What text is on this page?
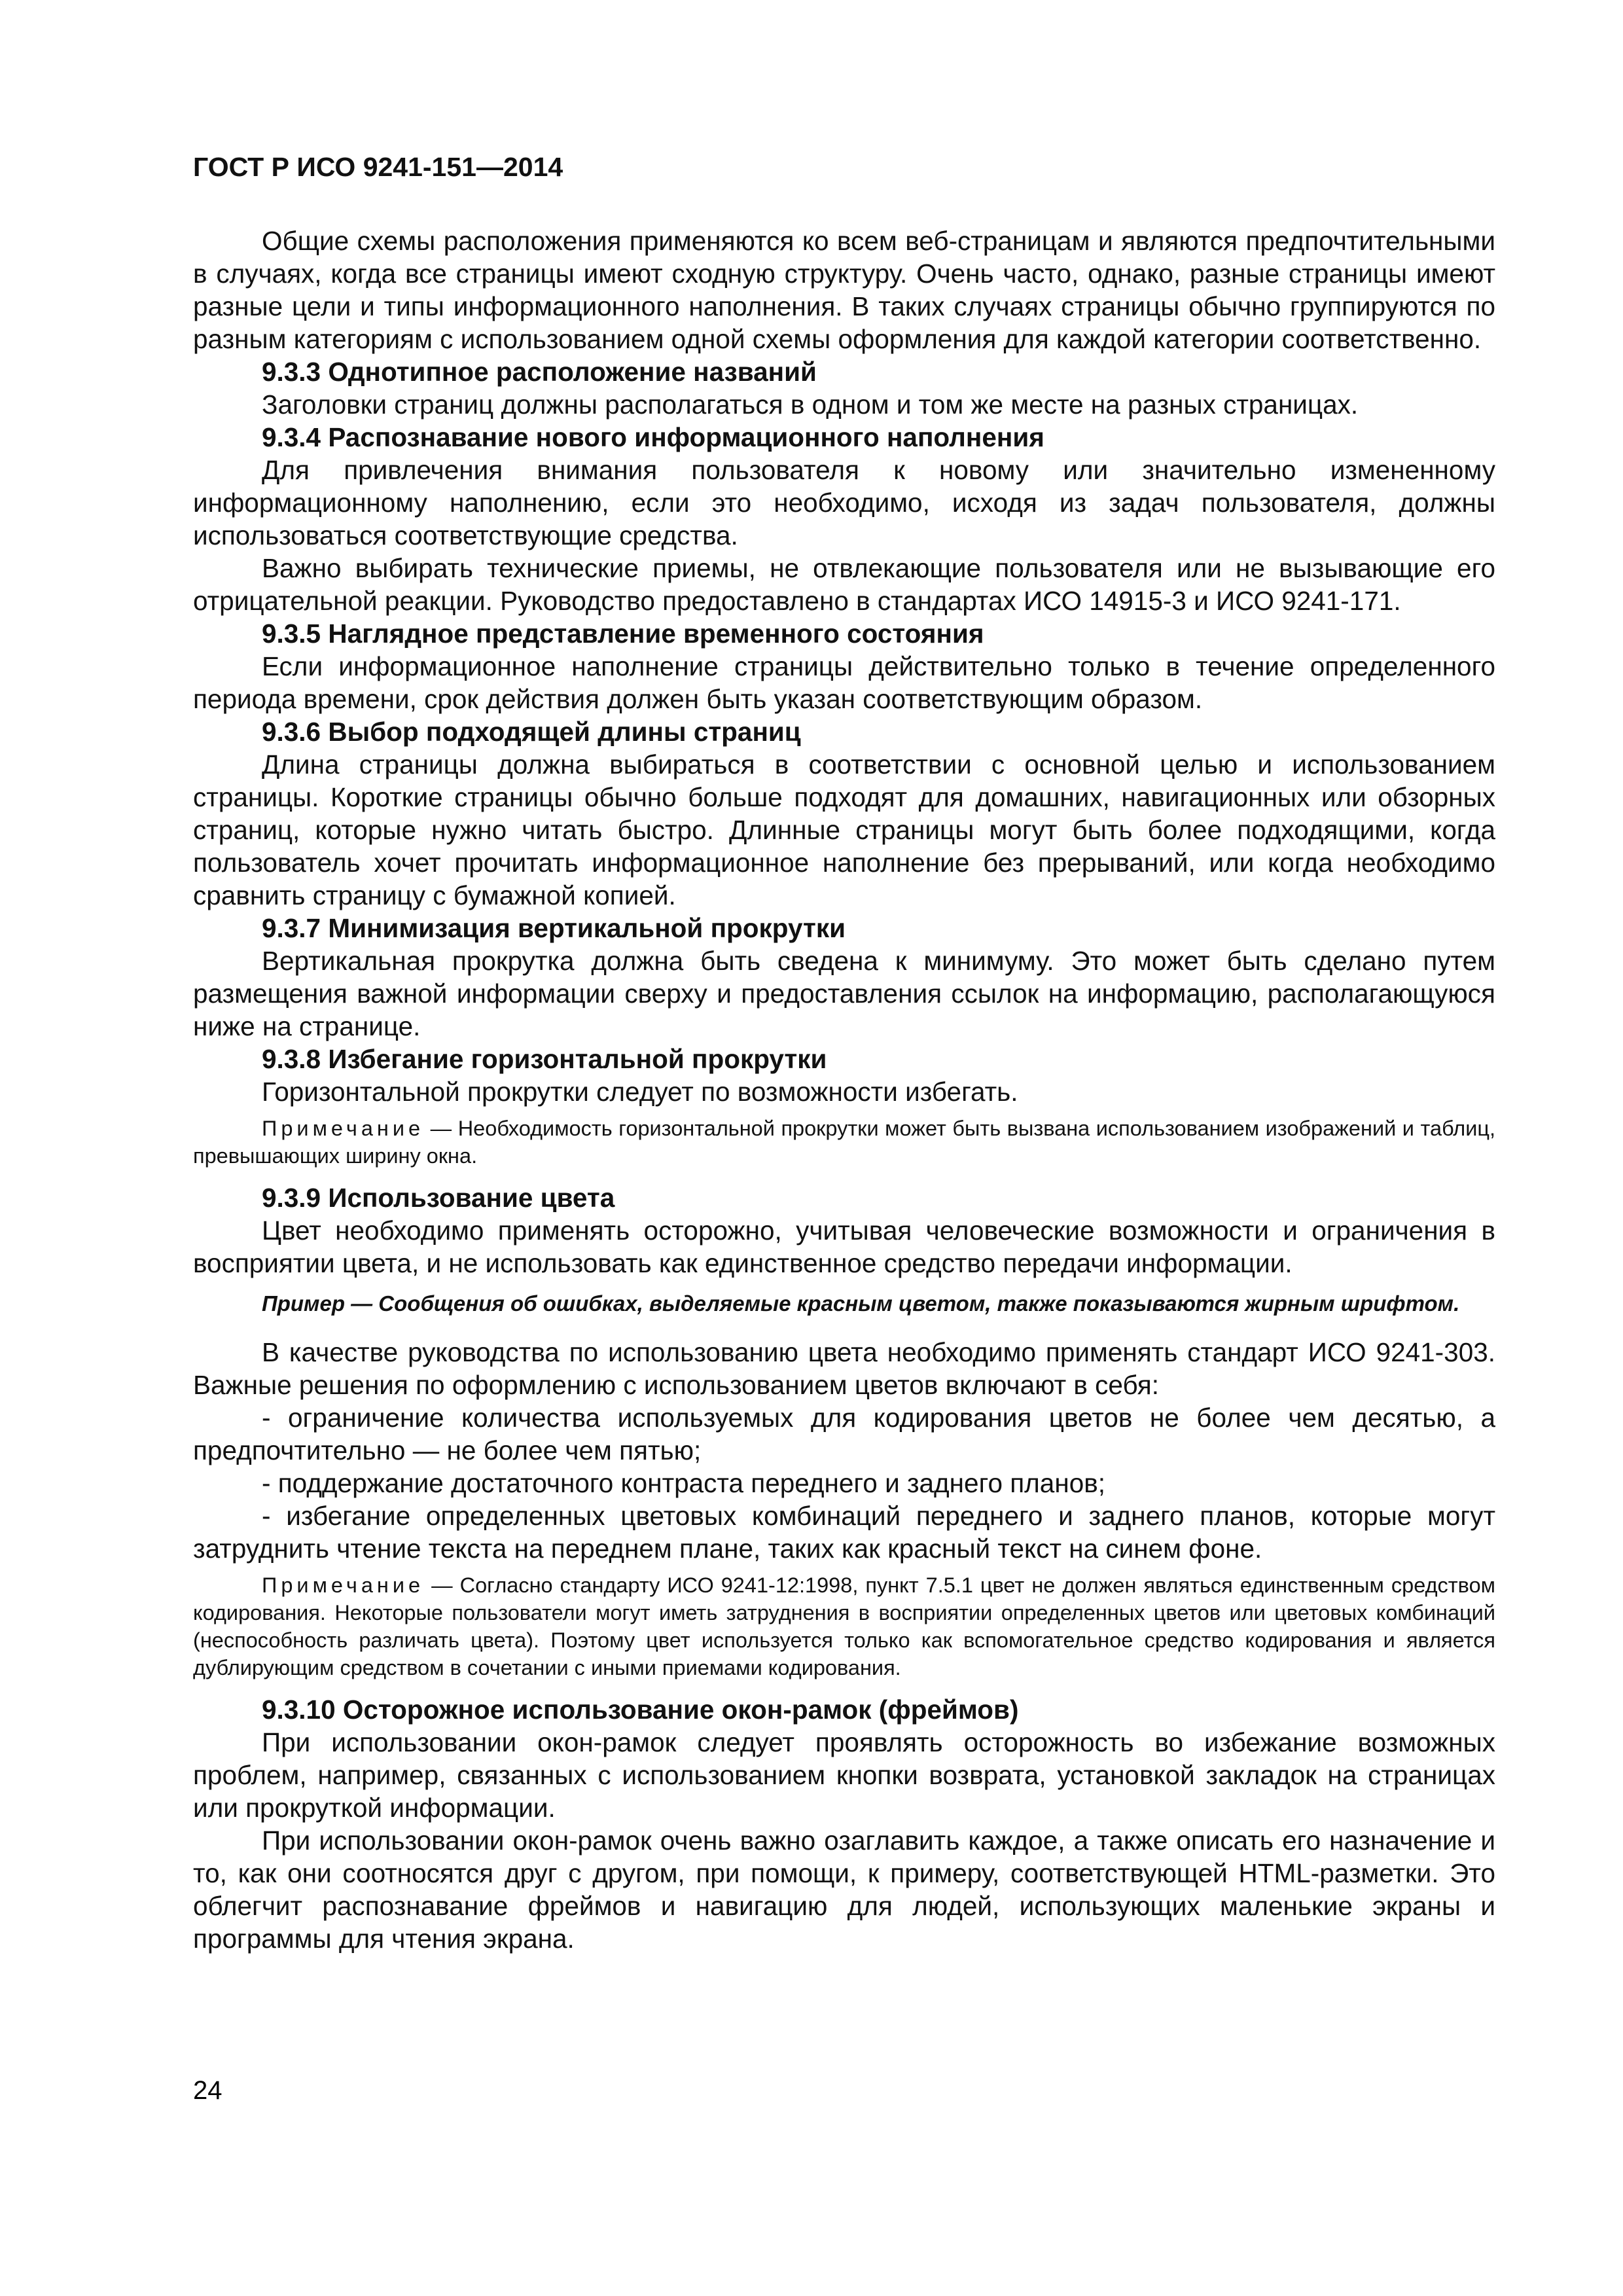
ГОСТ Р ИСО 9241-151—2014

Общие схемы расположения применяются ко всем веб-страницам и являются предпочтительными в случаях, когда все страницы имеют сходную структуру. Очень часто, однако, разные страницы имеют разные цели и типы информационного наполнения. В таких случаях страницы обычно группируются по разным категориям с использованием одной схемы оформления для каждой категории соответственно.

9.3.3 Однотипное расположение названий

Заголовки страниц должны располагаться в одном и том же месте на разных страницах.

9.3.4 Распознавание нового информационного наполнения

Для привлечения внимания пользователя к новому или значительно измененному информационному наполнению, если это необходимо, исходя из задач пользователя, должны использоваться соответствующие средства.

Важно выбирать технические приемы, не отвлекающие пользователя или не вызывающие его отрицательной реакции. Руководство предоставлено в стандартах ИСО 14915-3 и ИСО 9241-171.

9.3.5 Наглядное представление временного состояния

Если информационное наполнение страницы действительно только в течение определенного периода времени, срок действия должен быть указан соответствующим образом.

9.3.6 Выбор подходящей длины страниц

Длина страницы должна выбираться в соответствии с основной целью и использованием страницы. Короткие страницы обычно больше подходят для домашних, навигационных или обзорных страниц, которые нужно читать быстро. Длинные страницы могут быть более подходящими, когда пользователь хочет прочитать информационное наполнение без прерываний, или когда необходимо сравнить страницу с бумажной копией.

9.3.7 Минимизация вертикальной прокрутки

Вертикальная прокрутка должна быть сведена к минимуму. Это может быть сделано путем размещения важной информации сверху и предоставления ссылок на информацию, располагающуюся ниже на странице.

9.3.8 Избегание горизонтальной прокрутки

Горизонтальной прокрутки следует по возможности избегать.

Примечание — Необходимость горизонтальной прокрутки может быть вызвана использованием изображений и таблиц, превышающих ширину окна.

9.3.9 Использование цвета

Цвет необходимо применять осторожно, учитывая человеческие возможности и ограничения в восприятии цвета, и не использовать как единственное средство передачи информации.

Пример — Сообщения об ошибках, выделяемые красным цветом, также показываются жирным шрифтом.

В качестве руководства по использованию цвета необходимо применять стандарт ИСО 9241-303. Важные решения по оформлению с использованием цветов включают в себя:

- ограничение количества используемых для кодирования цветов не более чем десятью, а предпочтительно — не более чем пятью;

- поддержание достаточного контраста переднего и заднего планов;

- избегание определенных цветовых комбинаций переднего и заднего планов, которые могут затруднить чтение текста на переднем плане, таких как красный текст на синем фоне.

Примечание — Согласно стандарту ИСО 9241-12:1998, пункт 7.5.1 цвет не должен являться единственным средством кодирования. Некоторые пользователи могут иметь затруднения в восприятии определенных цветов или цветовых комбинаций (неспособность различать цвета). Поэтому цвет используется только как вспомогательное средство кодирования и является дублирующим средством в сочетании с иными приемами кодирования.

9.3.10 Осторожное использование окон-рамок (фреймов)

При использовании окон-рамок следует проявлять осторожность во избежание возможных проблем, например, связанных с использованием кнопки возврата, установкой закладок на страницах или прокруткой информации.

При использовании окон-рамок очень важно озаглавить каждое, а также описать его назначение и то, как они соотносятся друг с другом, при помощи, к примеру, соответствующей HTML-разметки. Это облегчит распознавание фреймов и навигацию для людей, использующих маленькие экраны и программы для чтения экрана.

24
